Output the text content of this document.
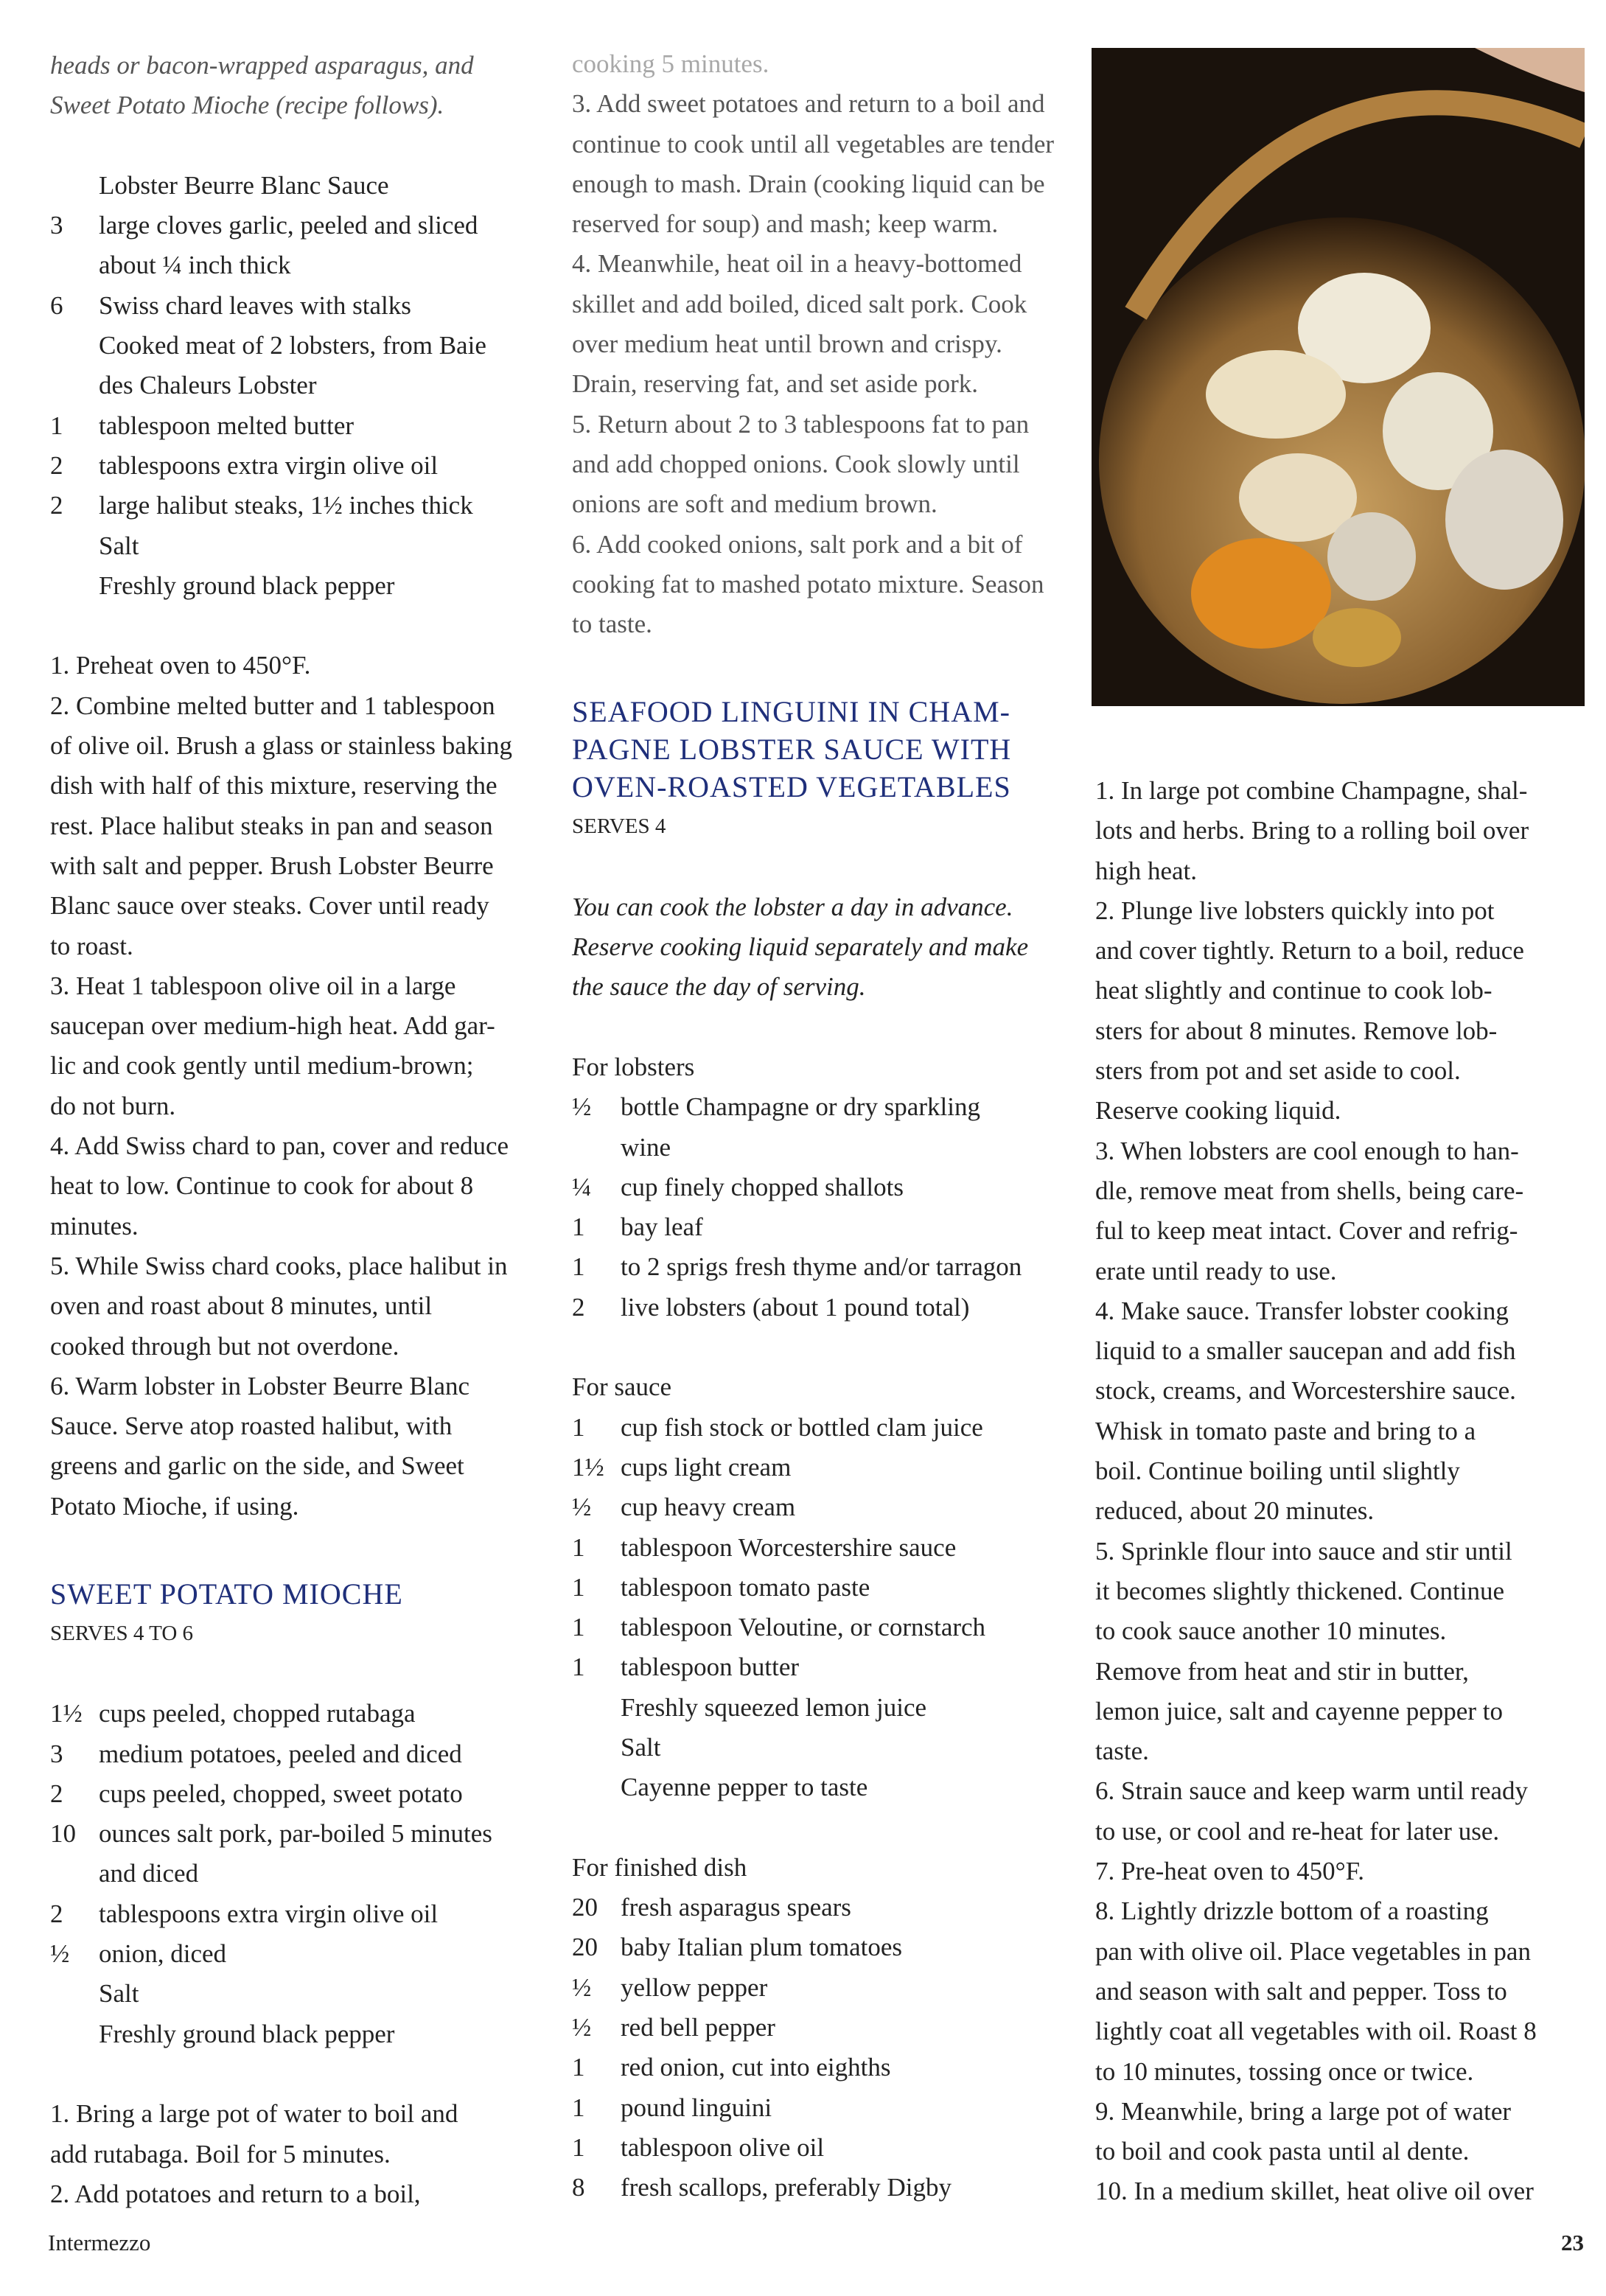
heads or bacon-wrapped asparagus, and
Sweet Potato Mioche (recipe follows).
Lobster Beurre Blanc Sauce
3 large cloves garlic, peeled and sliced
about ¼ inch thick
6 Swiss chard leaves with stalks
Cooked meat of 2 lobsters, from Baie
des Chaleurs Lobster
1 tablespoon melted butter
2 tablespoons extra virgin olive oil
2 large halibut steaks, 1½ inches thick
Salt
Freshly ground black pepper
1. Preheat oven to 450°F.
2. Combine melted butter and 1 tablespoon
of olive oil. Brush a glass or stainless baking
dish with half of this mixture, reserving the
rest. Place halibut steaks in pan and season
with salt and pepper. Brush Lobster Beurre
Blanc sauce over steaks. Cover until ready
to roast.
3. Heat 1 tablespoon olive oil in a large
saucepan over medium-high heat. Add gar-
lic and cook gently until medium-brown;
do not burn.
4. Add Swiss chard to pan, cover and reduce
heat to low. Continue to cook for about 8
minutes.
5. While Swiss chard cooks, place halibut in
oven and roast about 8 minutes, until
cooked through but not overdone.
6. Warm lobster in Lobster Beurre Blanc
Sauce. Serve atop roasted halibut, with
greens and garlic on the side, and Sweet
Potato Mioche, if using.
SWEET POTATO MIOCHE
SERVES 4 TO 6
1½ cups peeled, chopped rutabaga
3 medium potatoes, peeled and diced
2 cups peeled, chopped, sweet potato
10 ounces salt pork, par-boiled 5 minutes
and diced
2 tablespoons extra virgin olive oil
½ onion, diced
Salt
Freshly ground black pepper
1. Bring a large pot of water to boil and
add rutabaga. Boil for 5 minutes.
2. Add potatoes and return to a boil,
cooking 5 minutes.
3. Add sweet potatoes and return to a boil and
continue to cook until all vegetables are tender
enough to mash. Drain (cooking liquid can be
reserved for soup) and mash; keep warm.
4. Meanwhile, heat oil in a heavy-bottomed
skillet and add boiled, diced salt pork. Cook
over medium heat until brown and crispy.
Drain, reserving fat, and set aside pork.
5. Return about 2 to 3 tablespoons fat to pan
and add chopped onions. Cook slowly until
onions are soft and medium brown.
6. Add cooked onions, salt pork and a bit of
cooking fat to mashed potato mixture. Season
to taste.
SEAFOOD LINGUINI IN CHAM-
PAGNE LOBSTER SAUCE WITH
OVEN-ROASTED VEGETABLES
SERVES 4
You can cook the lobster a day in advance.
Reserve cooking liquid separately and make
the sauce the day of serving.
For lobsters
½ bottle Champagne or dry sparkling
wine
¼ cup finely chopped shallots
1 bay leaf
1 to 2 sprigs fresh thyme and/or tarragon
2 live lobsters (about 1 pound total)
For sauce
1 cup fish stock or bottled clam juice
1½ cups light cream
½ cup heavy cream
1 tablespoon Worcestershire sauce
1 tablespoon tomato paste
1 tablespoon Veloutine, or cornstarch
1 tablespoon butter
Freshly squeezed lemon juice
Salt
Cayenne pepper to taste
For finished dish
20 fresh asparagus spears
20 baby Italian plum tomatoes
½ yellow pepper
½ red bell pepper
1 red onion, cut into eighths
1 pound linguini
1 tablespoon olive oil
8 fresh scallops, preferably Digby
1. In large pot combine Champagne, shal-
lots and herbs. Bring to a rolling boil over
high heat.
2. Plunge live lobsters quickly into pot
and cover tightly. Return to a boil, reduce
heat slightly and continue to cook lob-
sters for about 8 minutes. Remove lob-
sters from pot and set aside to cool.
Reserve cooking liquid.
3. When lobsters are cool enough to han-
dle, remove meat from shells, being care-
ful to keep meat intact. Cover and refrig-
erate until ready to use.
4. Make sauce. Transfer lobster cooking
liquid to a smaller saucepan and add fish
stock, creams, and Worcestershire sauce.
Whisk in tomato paste and bring to a
boil. Continue boiling until slightly
reduced, about 20 minutes.
5. Sprinkle flour into sauce and stir until
it becomes slightly thickened. Continue
to cook sauce another 10 minutes.
Remove from heat and stir in butter,
lemon juice, salt and cayenne pepper to
taste.
6. Strain sauce and keep warm until ready
to use, or cool and re-heat for later use.
7. Pre-heat oven to 450°F.
8. Lightly drizzle bottom of a roasting
pan with olive oil. Place vegetables in pan
and season with salt and pepper. Toss to
lightly coat all vegetables with oil. Roast 8
to 10 minutes, tossing once or twice.
9. Meanwhile, bring a large pot of water
to boil and cook pasta until al dente.
10. In a medium skillet, heat olive oil over
Intermezzo	23
